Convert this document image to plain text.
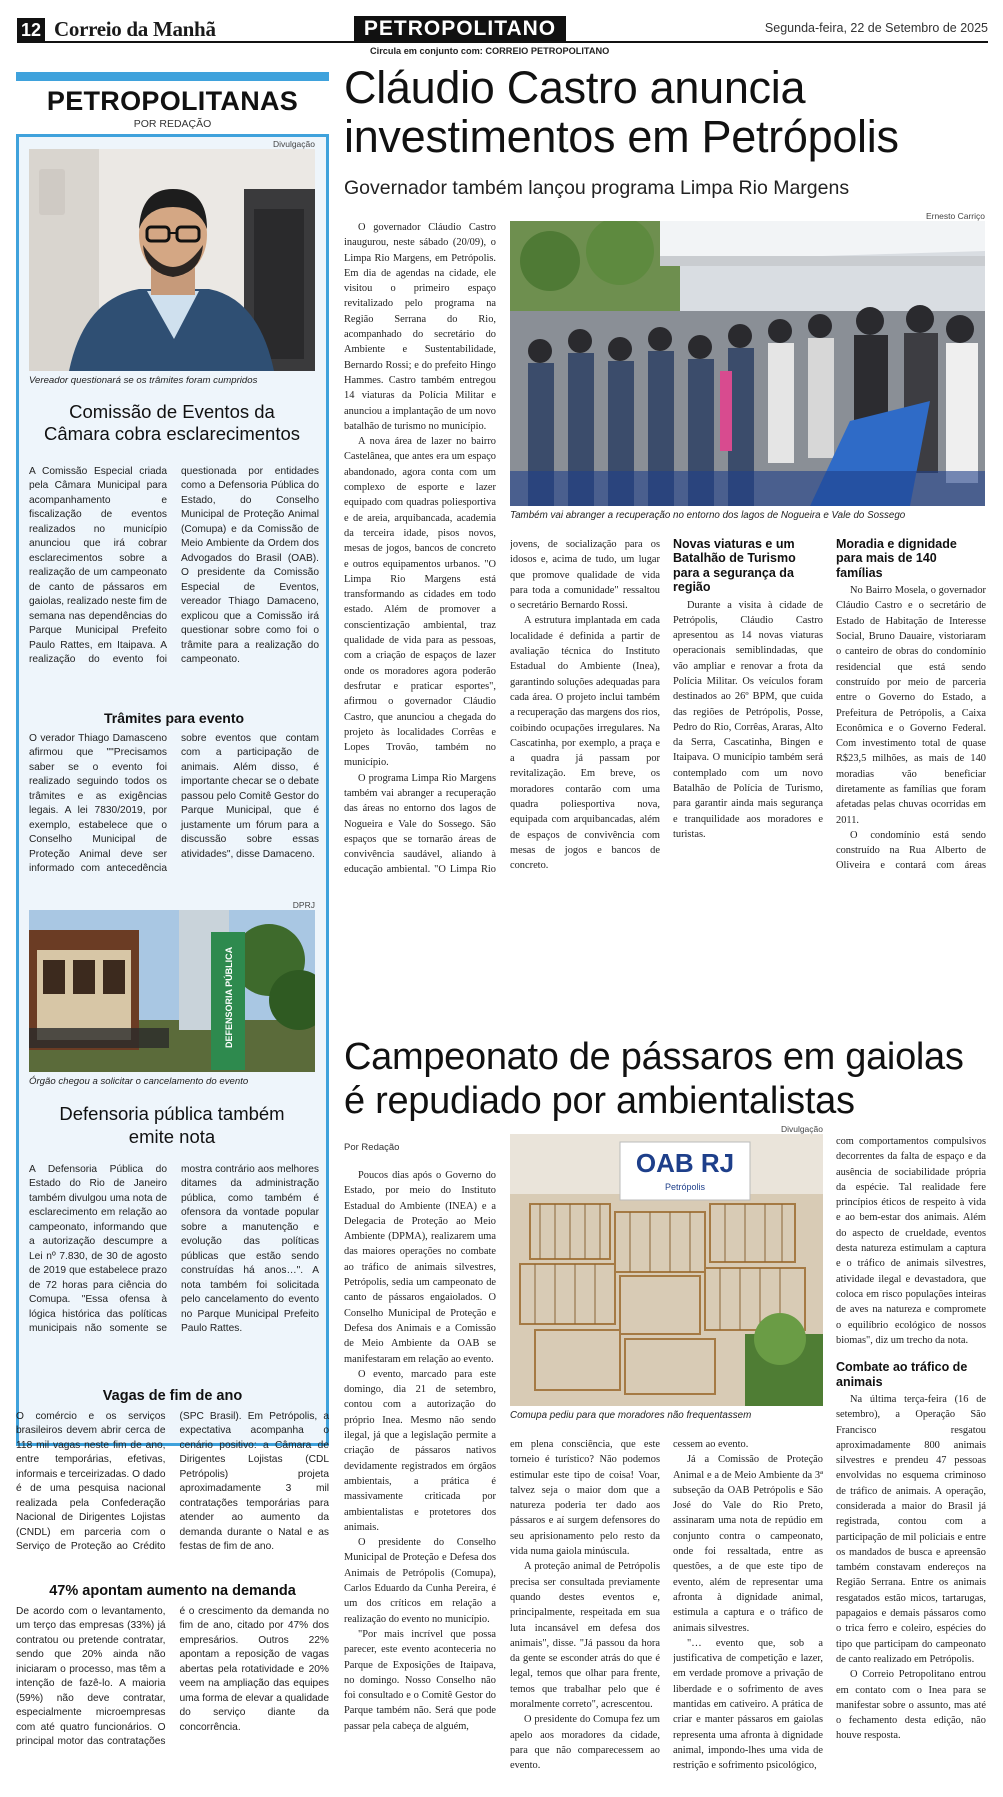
12 Correio da Manhã	PETROPOLITANO	Segunda-feira, 22 de Setembro de 2025
Circula em conjunto com: CORREIO PETROPOLITANO
PETROPOLITANAS
POR REDAÇÃO
Divulgação
Vereador questionará se os trâmites foram cumpridos
Comissão de Eventos da Câmara cobra esclarecimentos

A Comissão Especial criada pela Câmara Municipal para acompanhamento e fiscalização de eventos realizados no município anunciou que irá cobrar esclarecimentos sobre a realização de um campeonato de canto de pássaros em gaiolas, realizado neste fim de semana nas dependências do Parque Municipal Prefeito Paulo Rattes, em Itaipava. A realização do evento foi questionada por entidades como a Defensoria Pública do Estado, do Conselho Municipal de Proteção Animal (Comupa) e da Comissão de Meio Ambiente da Ordem dos Advogados do Brasil (OAB). O presidente da Comissão Especial de Eventos, vereador Thiago Damaceno, explicou que a Comissão irá questionar sobre como foi o trâmite para a realização do campeonato.

Trâmites para evento

O verador Thiago Damasceno afirmou que ""Precisamos saber se o evento foi realizado seguindo todos os trâmites e as exigências legais. A lei 7830/2019, por exemplo, estabelece que o Conselho Municipal de Proteção Animal deve ser informado com antecedência sobre eventos que contam com a participação de animais. Além disso, é importante checar se o debate passou pelo Comitê Gestor do Parque Municipal, que é justamente um fórum para a discussão sobre essas atividades", disse Damaceno.

DPRJ
DEFENSORIA PÚBLICA
Órgão chegou a solicitar o cancelamento do evento
Defensoria pública também emite nota

A Defensoria Pública do Estado do Rio de Janeiro também divulgou uma nota de esclarecimento em relação ao campeonato, informando que a autorização descumpre a Lei nº 7.830, de 30 de agosto de 2019 que estabelece prazo de 72 horas para ciência do Comupa. "Essa ofensa à lógica histórica das políticas municipais não somente se mostra contrário aos melhores ditames da administração pública, como também é ofensora da vontade popular sobre a manutenção e evolução das políticas públicas que estão sendo construídas há anos…". A nota também foi solicitada pelo cancelamento do evento no Parque Municipal Prefeito Paulo Rattes.

Vagas de fim de ano

O comércio e os serviços brasileiros devem abrir cerca de 118 mil vagas neste fim de ano, entre temporárias, efetivas, informais e terceirizadas. O dado é de uma pesquisa nacional realizada pela Confederação Nacional de Dirigentes Lojistas (CNDL) em parceria com o Serviço de Proteção ao Crédito (SPC Brasil). Em Petrópolis, a expectativa acompanha o cenário positivo: a Câmara de Dirigentes Lojistas (CDL Petrópolis) projeta aproximadamente 3 mil contratações temporárias para atender ao aumento da demanda durante o Natal e as festas de fim de ano.

47% apontam aumento na demanda

De acordo com o levantamento, um terço das empresas (33%) já contratou ou pretende contratar, sendo que 20% ainda não iniciaram o processo, mas têm a intenção de fazê-lo. A maioria (59%) não deve contratar, especialmente microempresas com até quatro funcionários. O principal motor das contratações é o crescimento da demanda no fim de ano, citado por 47% dos empresários. Outros 22% apontam a reposição de vagas abertas pela rotatividade e 20% veem na ampliação das equipes uma forma de elevar a qualidade do serviço diante da concorrência.

Cláudio Castro anuncia investimentos em Petrópolis
Governador também lançou programa Limpa Rio Margens

O governador Cláudio Castro inaugurou, neste sábado (20/09), o Limpa Rio Margens, em Petrópolis. Em dia de agendas na cidade, ele visitou o primeiro espaço revitalizado pelo programa na Região Serrana do Rio, acompanhado do secretário do Ambiente e Sustentabilidade, Bernardo Rossi; e do prefeito Hingo Hammes. Castro também entregou 14 viaturas da Polícia Militar e anunciou a implantação de um novo batalhão de turismo no município.

A nova área de lazer no bairro Castelânea, que antes era um espaço abandonado, agora conta com um complexo de esporte e lazer equipado com quadras poliesportiva e de areia, arquibancada, academia da terceira idade, pisos novos, mesas de jogos, bancos de concreto e outros equipamentos urbanos. "O Limpa Rio Margens está transformando as cidades em todo estado. Além de promover a conscientização ambiental, traz qualidade de vida para as pessoas, com a criação de espaços de lazer onde os moradores agora poderão desfrutar e praticar esportes", afirmou o governador Cláudio Castro, que anunciou a chegada do projeto às localidades Corrêas e Lopes Trovão, também no município.

O programa Limpa Rio Margens também vai abranger a recuperação das áreas no entorno dos lagos de Nogueira e Vale do Sossego. São espaços que se tornarão áreas de convivência saudável, aliando à educação ambiental. "O Limpa Rio

Ernesto Carriço
Também vai abranger a recuperação no entorno dos lagos de Nogueira e Vale do Sossego

jovens, de socialização para os idosos e, acima de tudo, um lugar que promove qualidade de vida para toda a comunidade" ressaltou o secretário Bernardo Rossi.

A estrutura implantada em cada localidade é definida a partir de avaliação técnica do Instituto Estadual do Ambiente (Inea), garantindo soluções adequadas para cada área. O projeto inclui também a recuperação das margens dos rios, coibindo ocupações irregulares. Na Cascatinha, por exemplo, a praça e a quadra já passam por revitalização. Em breve, os moradores contarão com uma quadra poliesportiva nova, equipada com arquibancadas, além de espaços de convivência com mesas de jogos e bancos de concreto.

Novas viaturas e um Batalhão de Turismo para a segurança da região

Durante a visita à cidade de Petrópolis, Cláudio Castro apresentou as 14 novas viaturas operacionais semiblindadas, que vão ampliar e renovar a frota da Polícia Militar. Os veículos foram destinados ao 26º BPM, que cuida das regiões de Petrópolis, Posse, Pedro do Rio, Corrêas, Araras, Alto da Serra, Cascatinha, Bingen e Itaipava. O município também será contemplado com um novo Batalhão de Polícia de Turismo, para garantir ainda mais segurança e tranquilidade aos moradores e turistas.

Moradia e dignidade para mais de 140 famílias

No Bairro Mosela, o governador Cláudio Castro e o secretário de Estado de Habitação de Interesse Social, Bruno Dauaire, vistoriaram o canteiro de obras do condomínio residencial que está sendo construído por meio de parceria entre o Governo do Estado, a Prefeitura de Petrópolis, a Caixa Econômica e o Governo Federal. Com investimento total de quase R$23,5 milhões, as mais de 140 moradias vão beneficiar diretamente as famílias que foram afetadas pelas chuvas ocorridas em 2011.

O condomínio está sendo construído na Rua Alberto de Oliveira e contará com áreas

Campeonato de pássaros em gaiolas é repudiado por ambientalistas
Por Redação

Poucos dias após o Governo do Estado, por meio do Instituto Estadual do Ambiente (INEA) e a Delegacia de Proteção ao Meio Ambiente (DPMA), realizarem uma das maiores operações no combate ao tráfico de animais silvestres, Petrópolis, sedia um campeonato de canto de pássaros engaiolados. O Conselho Municipal de Proteção e Defesa dos Animais e a Comissão de Meio Ambiente da OAB se manifestaram em relação ao evento.

O evento, marcado para este domingo, dia 21 de setembro, contou com a autorização do próprio Inea. Mesmo não sendo ilegal, já que a legislação permite a criação de pássaros nativos devidamente registrados em órgãos ambientais, a prática é massivamente criticada por ambientalistas e protetores dos animais.

O presidente do Conselho Municipal de Proteção e Defesa dos Animais de Petrópolis (Comupa), Carlos Eduardo da Cunha Pereira, é um dos críticos em relação a realização do evento no município.

"Por mais incrível que possa parecer, este evento aconteceria no Parque de Exposições de Itaipava, no domingo. Nosso Conselho não foi consultado e o Comitê Gestor do Parque também não. Será que pode passar pela cabeça de alguém,

Divulgação
OAB RJ
Petrópolis
Comupa pediu para que moradores não frequentassem

em plena consciência, que este torneio é turístico? Não podemos estimular este tipo de coisa! Voar, talvez seja o maior dom que a natureza poderia ter dado aos pássaros e aí surgem defensores do seu aprisionamento pelo resto da vida numa gaiola minúscula.

A proteção animal de Petrópolis precisa ser consultada previamente quando destes eventos e, principalmente, respeitada em sua luta incansável em defesa dos animais", disse. "Já passou da hora da gente se esconder atrás do que é legal, temos que olhar para frente, temos que trabalhar pelo que é moralmente correto", acrescentou.

O presidente do Comupa fez um apelo aos moradores da cidade, para que não comparecessem ao evento.

cessem ao evento.

Já a Comissão de Proteção Animal e a de Meio Ambiente da 3ª subseção da OAB Petrópolis e São José do Vale do Rio Preto, assinaram uma nota de repúdio em conjunto contra o campeonato, onde foi ressaltada, entre as questões, a de que este tipo de evento, além de representar uma afronta à dignidade animal, estimula a captura e o tráfico de animais silvestres.

"… evento que, sob a justificativa de competição e lazer, em verdade promove a privação de liberdade e o sofrimento de aves mantidas em cativeiro. A prática de criar e manter pássaros em gaiolas representa uma afronta à dignidade animal, impondo-lhes uma vida de restrição e sofrimento psicológico,

com comportamentos compulsivos decorrentes da falta de espaço e da ausência de sociabilidade própria da espécie. Tal realidade fere princípios éticos de respeito à vida e ao bem-estar dos animais. Além do aspecto de crueldade, eventos desta natureza estimulam a captura e o tráfico de animais silvestres, atividade ilegal e devastadora, que coloca em risco populações inteiras de aves na natureza e compromete o equilíbrio ecológico de nossos biomas", diz um trecho da nota.

Combate ao tráfico de animais

Na última terça-feira (16 de setembro), a Operação São Francisco resgatou aproximadamente 800 animais silvestres e prendeu 47 pessoas envolvidas no esquema criminoso de tráfico de animais. A operação, considerada a maior do Brasil já registrada, contou com a participação de mil policiais e entre os mandados de busca e apreensão também constavam endereços na Região Serrana. Entre os animais resgatados estão micos, tartarugas, papagaios e demais pássaros como o trica ferro e coleiro, espécies do tipo que participam do campeonato de canto realizado em Petrópolis.

O Correio Petropolitano entrou em contato com o Inea para se manifestar sobre o assunto, mas até o fechamento desta edição, não houve resposta.
